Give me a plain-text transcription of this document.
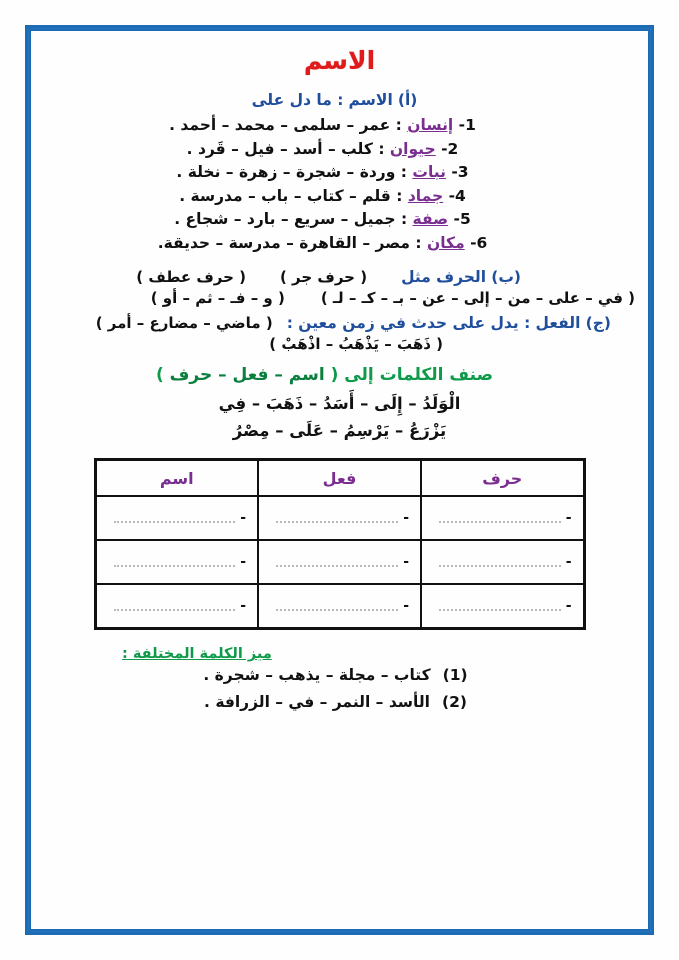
الاسم
(أ) الاسم : ما دل على
1- إنسان : عمر – سلمى – محمد – أحمد .
2- حيوان : كلب – أسد – فيل – قَرد .
3- نبات : وردة – شجرة – زهرة – نخلة .
4- جماد : قلم – كتاب – باب – مدرسة .
5- صفة : جميل – سريع – بارد – شجاع .
6- مكان : مصر – القاهرة – مدرسة – حديقة.
(ب) الحرف مثل
( حرف جر )
( حرف عطف )
( في – على – من – إلى – عن – بـ – كـ – لـ )
( و – فـ – ثم – أو )
(ج) الفعل : يدل على حدث في زمن معين :
( ماضي – مضارع – أمر )
( ذَهَبَ – يَذْهَبُ – اذْهَبْ )
صنف الكلمات إلى ( اسم – فعل – حرف )
الْوَلَدُ – إِلَى – أَسَدُ – ذَهَبَ – فِي
يَزْرَعُ – يَرْسِمُ – عَلَى – مِصْرُ
حرف	فعل	اسم

-	-	-

-	-	-

-	-	-
ميز الكلمة المختلفة :
(1)
كتاب – مجلة – يذهب – شجرة .
(2)
الأسد – النمر – في – الزرافة .
